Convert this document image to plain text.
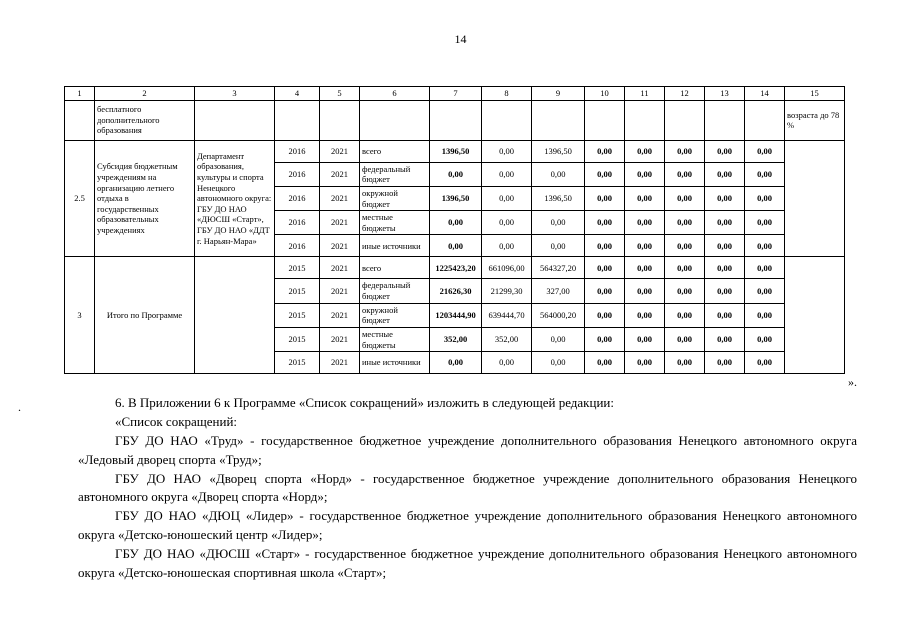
14
1	2	3	4	5	6	7	8	9	10	11	12	13	14	15
	бесплатного дополнительного образования													возраста до 78 %
2.5	Субсидия бюджетным учреждениям на организацию летнего отдыха в государственных образовательных учреждениях	Департамент образования, культуры и спорта Ненецкого автономного округа: ГБУ ДО НАО «ДЮСШ «Старт», ГБУ ДО НАО «ДДТ г. Нарьян-Мара»	2016	2021	всего	1396,50	0,00	1396,50	0,00	0,00	0,00	0,00	0,00	
			2016	2021	федеральный бюджет	0,00	0,00	0,00	0,00	0,00	0,00	0,00	0,00	
			2016	2021	окружной бюджет	1396,50	0,00	1396,50	0,00	0,00	0,00	0,00	0,00	
			2016	2021	местные бюджеты	0,00	0,00	0,00	0,00	0,00	0,00	0,00	0,00	
			2016	2021	иные источники	0,00	0,00	0,00	0,00	0,00	0,00	0,00	0,00	
3	Итого по Программе		2015	2021	всего	1225423,20	661096,00	564327,20	0,00	0,00	0,00	0,00	0,00	
			2015	2021	федеральный бюджет	21626,30	21299,30	327,00	0,00	0,00	0,00	0,00	0,00	
			2015	2021	окружной бюджет	1203444,90	639444,70	564000,20	0,00	0,00	0,00	0,00	0,00	
			2015	2021	местные бюджеты	352,00	352,00	0,00	0,00	0,00	0,00	0,00	0,00	
			2015	2021	иные источники	0,00	0,00	0,00	0,00	0,00	0,00	0,00	0,00	
».
.	6. В Приложении 6 к Программе «Список сокращений» изложить в следующей редакции:

«Список сокращений:

ГБУ ДО НАО «Труд» - государственное бюджетное учреждение дополнительного образования Ненецкого автономного округа «Ледовый дворец спорта «Труд»;

ГБУ ДО НАО «Дворец спорта «Норд» - государственное бюджетное учреждение дополнительного образования Ненецкого автономного округа «Дворец спорта «Норд»;

ГБУ ДО НАО «ДЮЦ «Лидер» - государственное бюджетное учреждение дополнительного образования Ненецкого автономного округа «Детско-юношеский центр «Лидер»;

ГБУ ДО НАО «ДЮСШ «Старт» - государственное бюджетное учреждение дополнительного образования Ненецкого автономного округа «Детско-юношеская спортивная школа «Старт»;
